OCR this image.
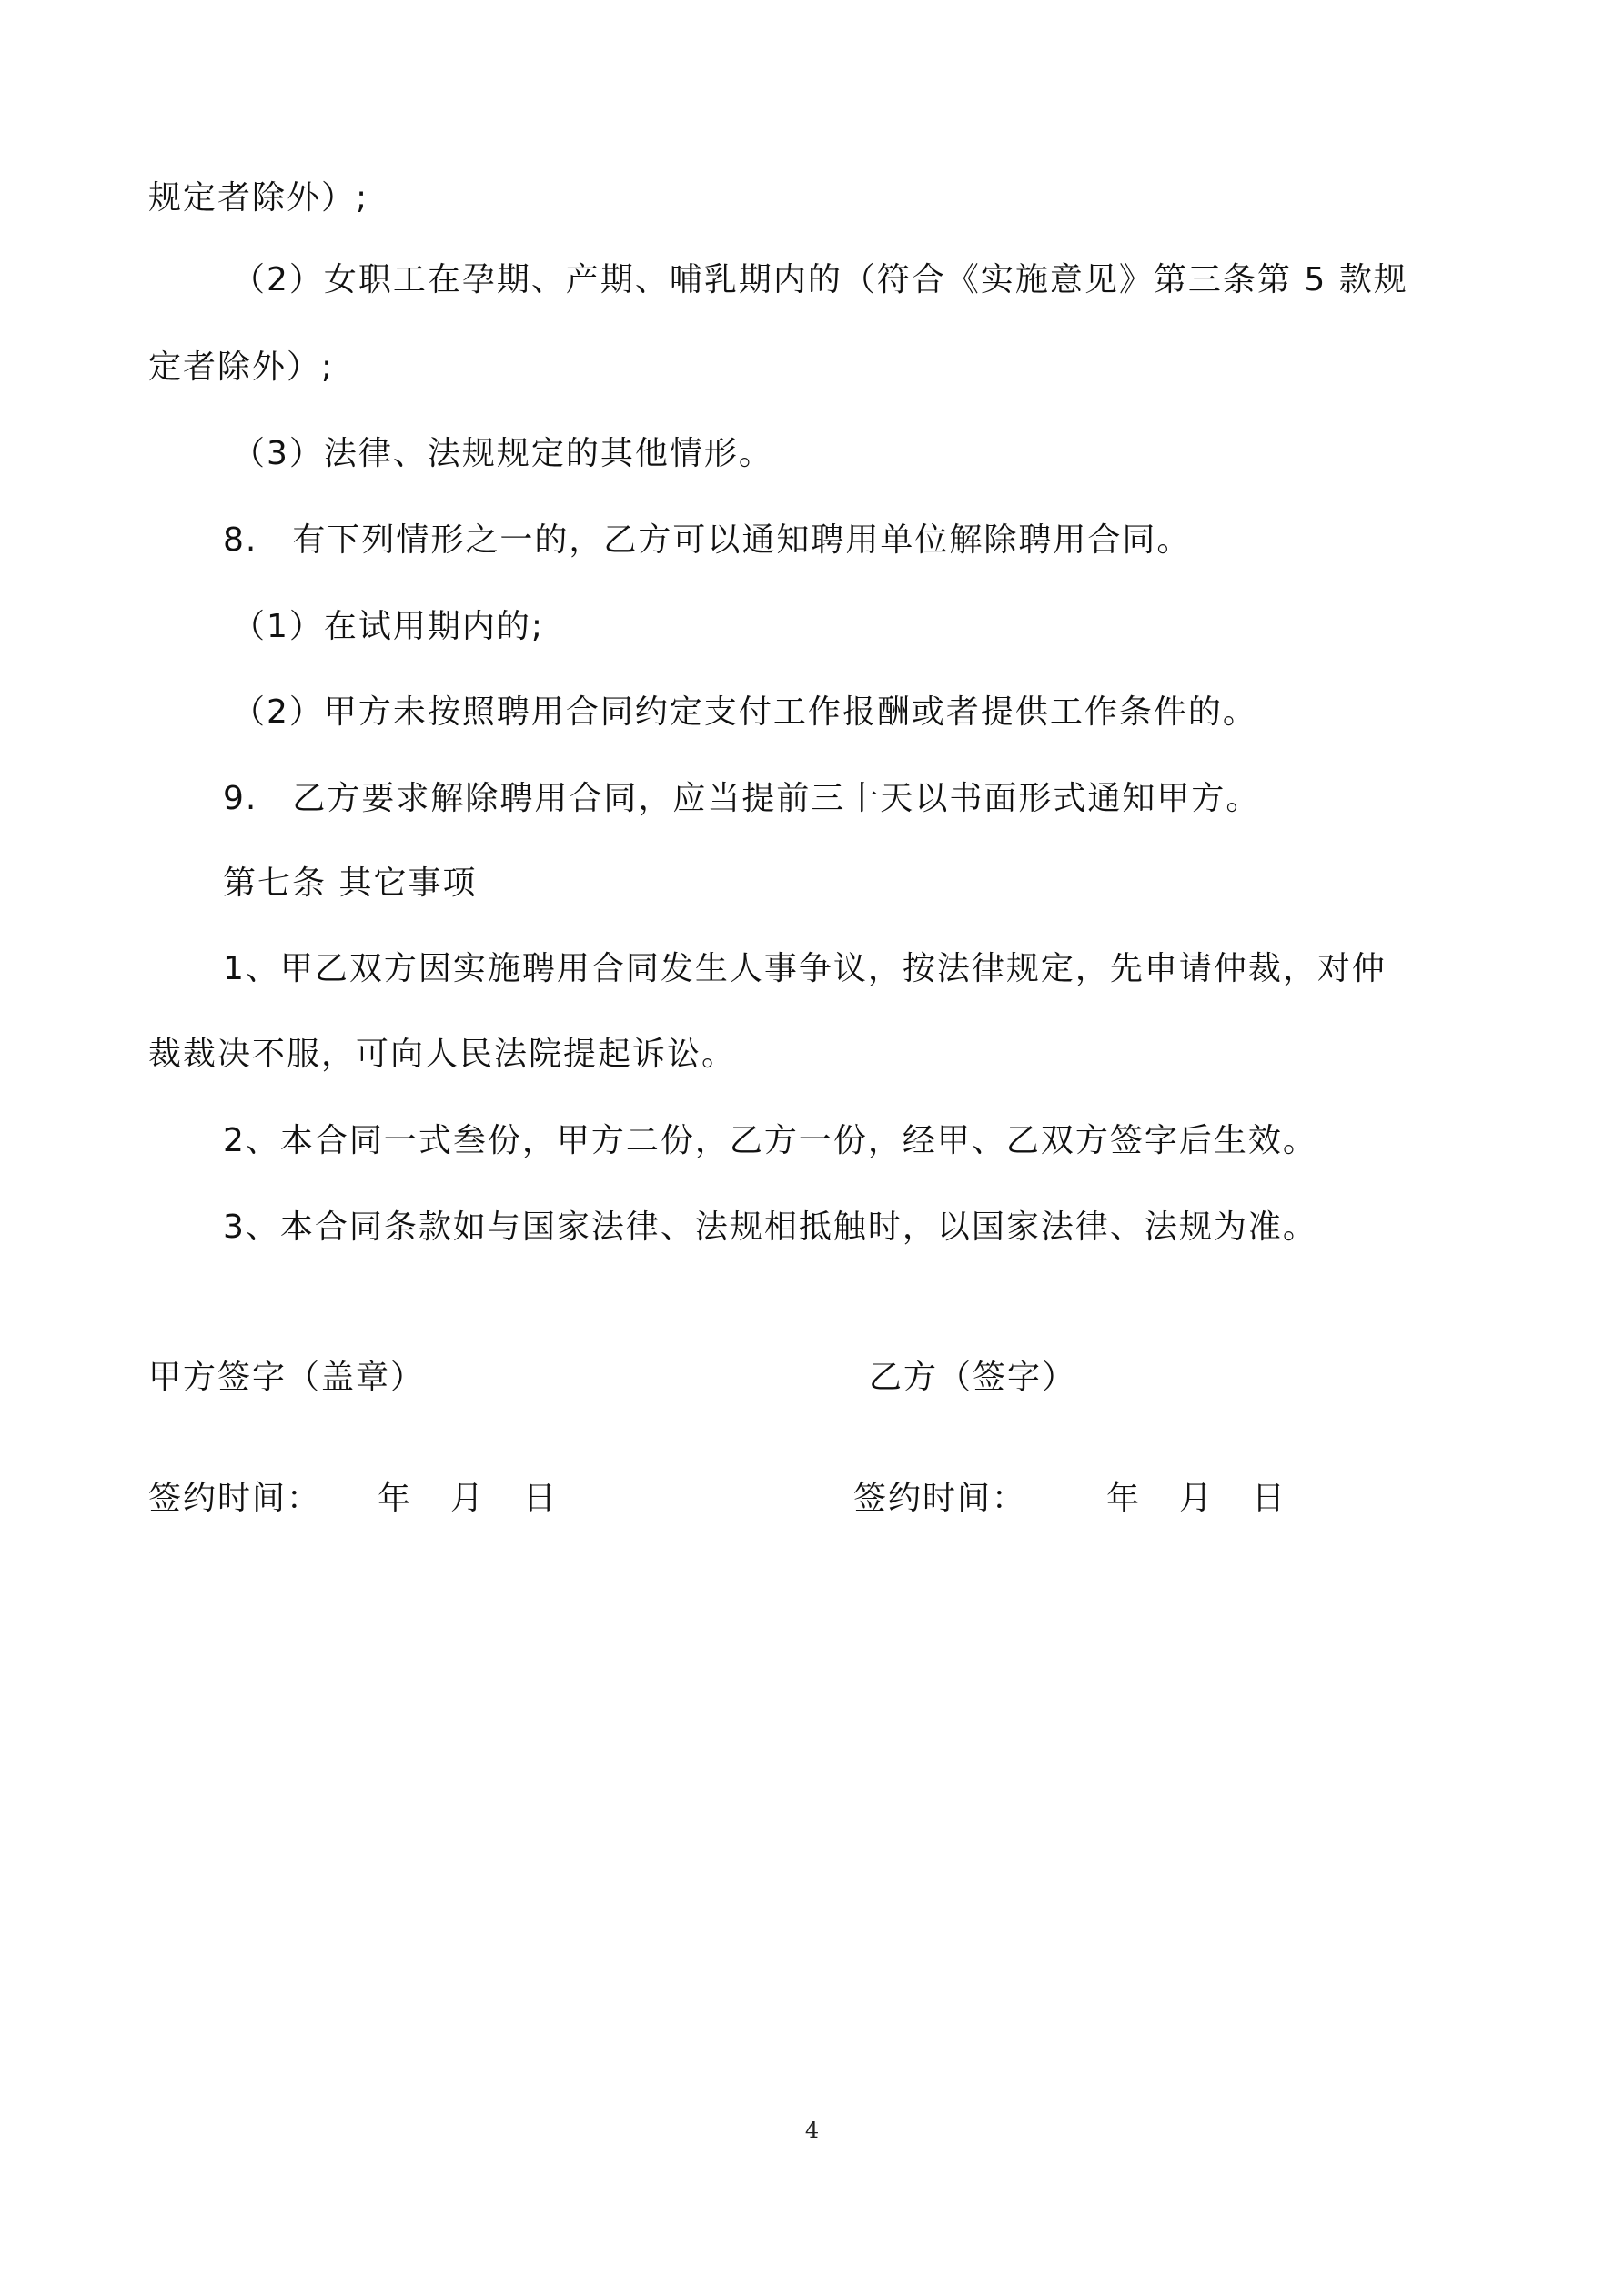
规定者除外）;
（2）女职工在孕期、产期、哺乳期内的（符合《实施意见》第三条第 5 款规
定者除外）;
（3）法律、法规规定的其他情形。
8.　有下列情形之一的，乙方可以通知聘用单位解除聘用合同。
（1）在试用期内的;
（2）甲方未按照聘用合同约定支付工作报酬或者提供工作条件的。
9.　乙方要求解除聘用合同，应当提前三十天以书面形式通知甲方。
第七条 其它事项
1、甲乙双方因实施聘用合同发生人事争议，按法律规定，先申请仲裁，对仲
裁裁决不服，可向人民法院提起诉讼。
2、本合同一式叁份，甲方二份，乙方一份，经甲、乙双方签字后生效。
3、本合同条款如与国家法律、法规相抵触时，以国家法律、法规为准。
甲方签字（盖章）	乙方（签字）
签约时间： 年 月 日	签约时间： 年 月 日
4
